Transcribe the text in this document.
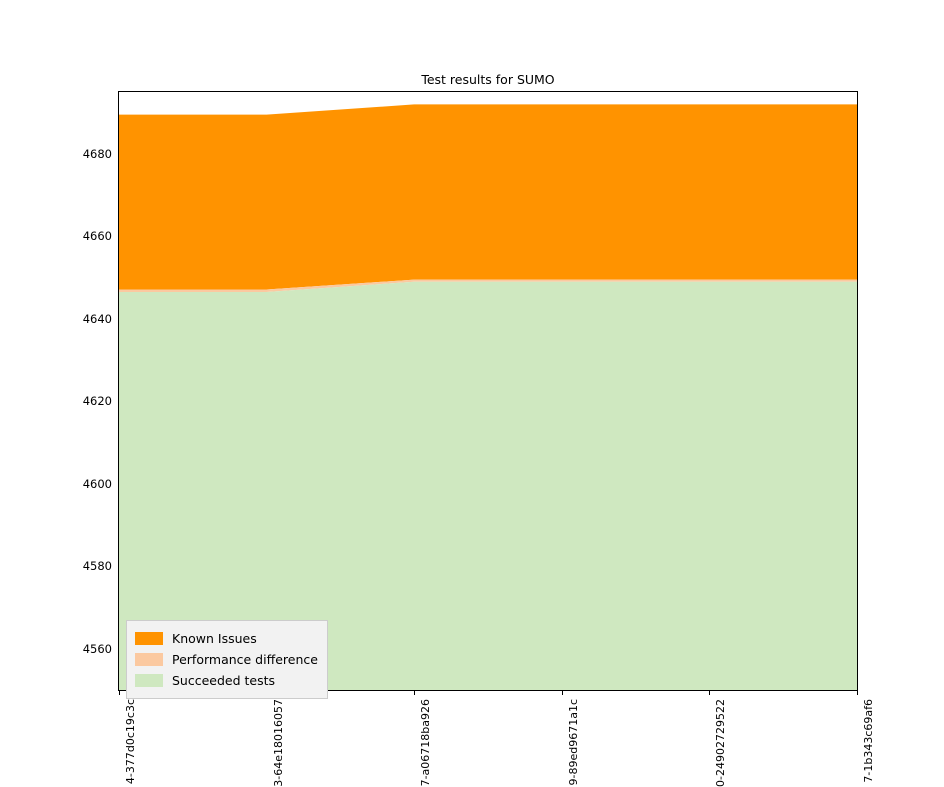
Test results for SUMO
4560
4580
4600
4620
4640
4660
4680
4-377d0c19c3c	3-64e18016057	7-a06718ba926	9-89ed9671a1c	0-24902729522	7-1b343c69af6
Known Issues
Performance difference
Succeeded tests
